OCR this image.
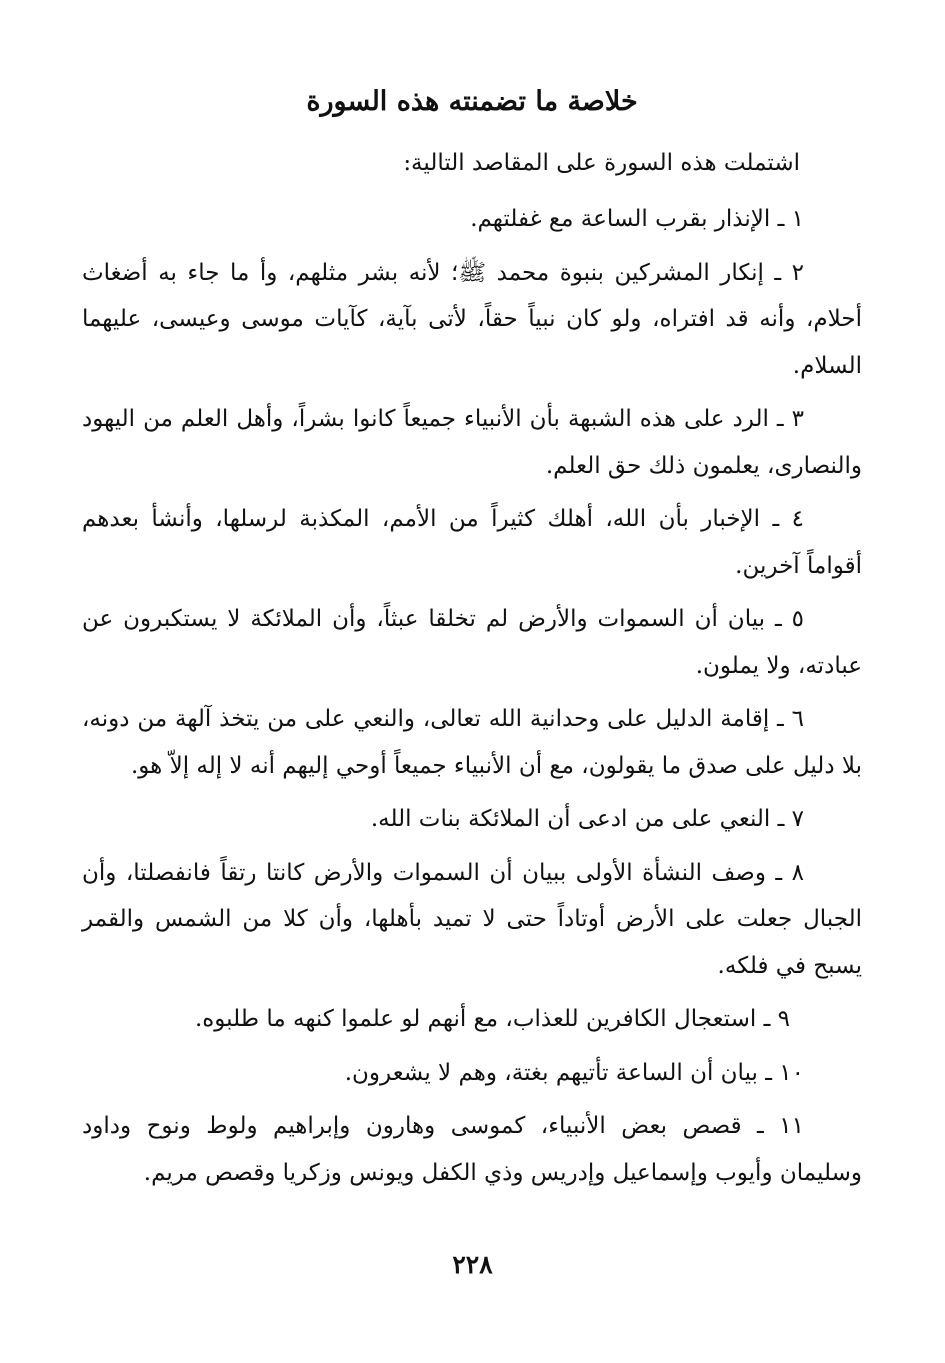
خلاصة ما تضمنته هذه السورة

اشتملت هذه السورة على المقاصد التالية:

١ ـ الإنذار بقرب الساعة مع غفلتهم.
٢ ـ إنكار المشركين بنبوة محمد ﷺ؛ لأنه بشر مثلهم، وأ ما جاء به أضغاث أحلام، وأنه قد افتراه، ولو كان نبياً حقاً، لأتى بآية، كآيات موسى وعيسى، عليهما السلام.
٣ ـ الرد على هذه الشبهة بأن الأنبياء جميعاً كانوا بشراً، وأهل العلم من اليهود والنصارى، يعلمون ذلك حق العلم.
٤ ـ الإخبار بأن الله، أهلك كثيراً من الأمم، المكذبة لرسلها، وأنشأ بعدهم أقواماً آخرين.
٥ ـ بيان أن السموات والأرض لم تخلقا عبثاً، وأن الملائكة لا يستكبرون عن عبادته، ولا يملون.
٦ ـ إقامة الدليل على وحدانية الله تعالى، والنعي على من يتخذ آلهة من دونه، بلا دليل على صدق ما يقولون، مع أن الأنبياء جميعاً أوحي إليهم أنه لا إله إلاّ هو.
٧ ـ النعي على من ادعى أن الملائكة بنات الله.
٨ ـ وصف النشأة الأولى ببيان أن السموات والأرض كانتا رتقاً فانفصلتا، وأن الجبال جعلت على الأرض أوتاداً حتى لا تميد بأهلها، وأن كلا من الشمس والقمر يسبح في فلكه.
٩ ـ استعجال الكافرين للعذاب، مع أنهم لو علموا كنهه ما طلبوه.
١٠ ـ بيان أن الساعة تأتيهم بغتة، وهم لا يشعرون.
١١ ـ قصص بعض الأنبياء، كموسى وهارون وإبراهيم ولوط ونوح وداود وسليمان وأيوب وإسماعيل وإدريس وذي الكفل ويونس وزكريا وقصص مريم.
٢٢٨
